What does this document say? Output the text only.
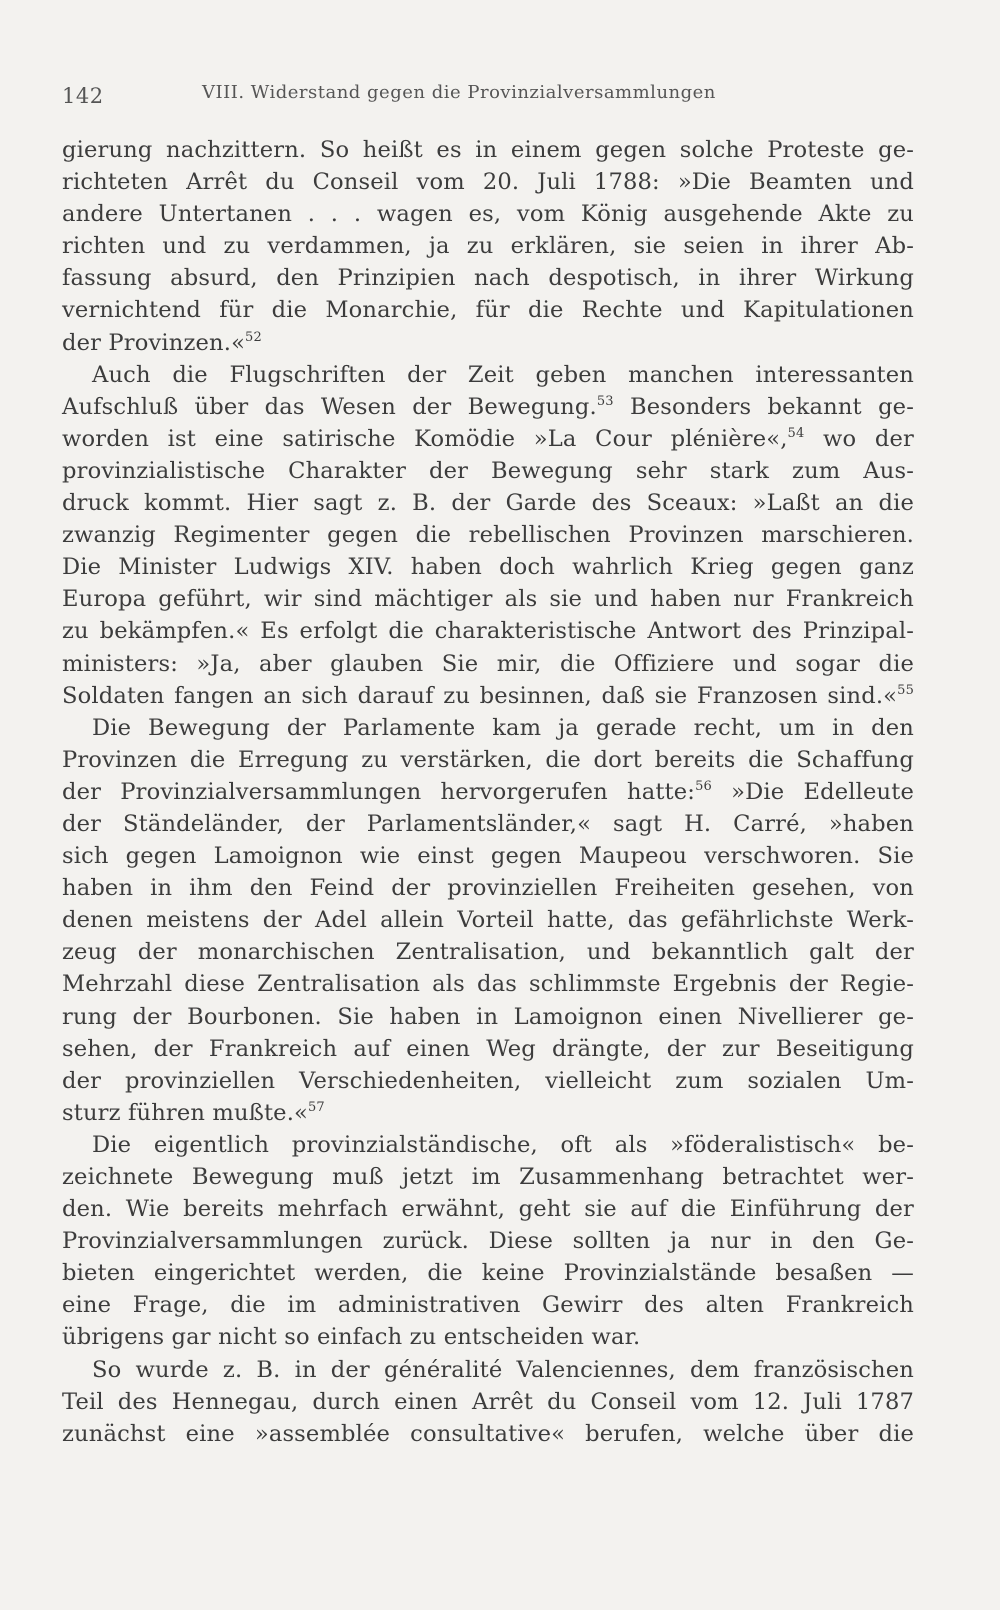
142	VIII. Widerstand gegen die Provinzialversammlungen
gierung nachzittern. So heißt es in einem gegen solche Proteste ge-
richteten Arrêt du Conseil vom 20. Juli 1788: »Die Beamten und
andere Untertanen . . . wagen es, vom König ausgehende Akte zu
richten und zu verdammen, ja zu erklären, sie seien in ihrer Ab-
fassung absurd, den Prinzipien nach despotisch, in ihrer Wirkung
vernichtend für die Monarchie, für die Rechte und Kapitulationen
der Provinzen.«$^{52}$
Auch die Flugschriften der Zeit geben manchen interessanten
Aufschluß über das Wesen der Bewegung.$^{53}$ Besonders bekannt ge-
worden ist eine satirische Komödie »La Cour plénière«,$^{54}$ wo der
provinzialistische Charakter der Bewegung sehr stark zum Aus-
druck kommt. Hier sagt z. B. der Garde des Sceaux: »Laßt an die
zwanzig Regimenter gegen die rebellischen Provinzen marschieren.
Die Minister Ludwigs XIV. haben doch wahrlich Krieg gegen ganz
Europa geführt, wir sind mächtiger als sie und haben nur Frankreich
zu bekämpfen.« Es erfolgt die charakteristische Antwort des Prinzipal-
ministers: »Ja, aber glauben Sie mir, die Offiziere und sogar die
Soldaten fangen an sich darauf zu besinnen, daß sie Franzosen sind.«$^{55}$
Die Bewegung der Parlamente kam ja gerade recht, um in den
Provinzen die Erregung zu verstärken, die dort bereits die Schaffung
der Provinzialversammlungen hervorgerufen hatte:$^{56}$ »Die Edelleute
der Ständeländer, der Parlamentsländer,« sagt H. Carré, »haben
sich gegen Lamoignon wie einst gegen Maupeou verschworen. Sie
haben in ihm den Feind der provinziellen Freiheiten gesehen, von
denen meistens der Adel allein Vorteil hatte, das gefährlichste Werk-
zeug der monarchischen Zentralisation, und bekanntlich galt der
Mehrzahl diese Zentralisation als das schlimmste Ergebnis der Regie-
rung der Bourbonen. Sie haben in Lamoignon einen Nivellierer ge-
sehen, der Frankreich auf einen Weg drängte, der zur Beseitigung
der provinziellen Verschiedenheiten, vielleicht zum sozialen Um-
sturz führen mußte.«$^{57}$
Die eigentlich provinzialständische, oft als »föderalistisch« be-
zeichnete Bewegung muß jetzt im Zusammenhang betrachtet wer-
den. Wie bereits mehrfach erwähnt, geht sie auf die Einführung der
Provinzialversammlungen zurück. Diese sollten ja nur in den Ge-
bieten eingerichtet werden, die keine Provinzialstände besaßen —
eine Frage, die im administrativen Gewirr des alten Frankreich
übrigens gar nicht so einfach zu entscheiden war.
So wurde z. B. in der généralité Valenciennes, dem französischen
Teil des Hennegau, durch einen Arrêt du Conseil vom 12. Juli 1787
zunächst eine »assemblée consultative« berufen, welche über die
